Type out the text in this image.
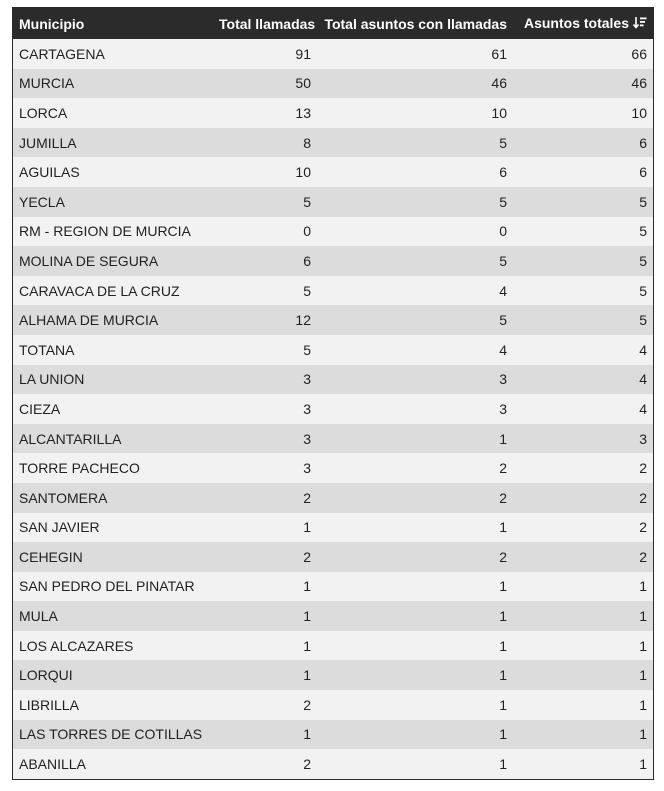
Municipio	Total llamadas	Total asuntos con llamadas	Asuntos totales
CARTAGENA	91	61	66
MURCIA	50	46	46
LORCA	13	10	10
JUMILLA	8	5	6
AGUILAS	10	6	6
YECLA	5	5	5
RM - REGION DE MURCIA	0	0	5
MOLINA DE SEGURA	6	5	5
CARAVACA DE LA CRUZ	5	4	5
ALHAMA DE MURCIA	12	5	5
TOTANA	5	4	4
LA UNION	3	3	4
CIEZA	3	3	4
ALCANTARILLA	3	1	3
TORRE PACHECO	3	2	2
SANTOMERA	2	2	2
SAN JAVIER	1	1	2
CEHEGIN	2	2	2
SAN PEDRO DEL PINATAR	1	1	1
MULA	1	1	1
LOS ALCAZARES	1	1	1
LORQUI	1	1	1
LIBRILLA	2	1	1
LAS TORRES DE COTILLAS	1	1	1
ABANILLA	2	1	1
